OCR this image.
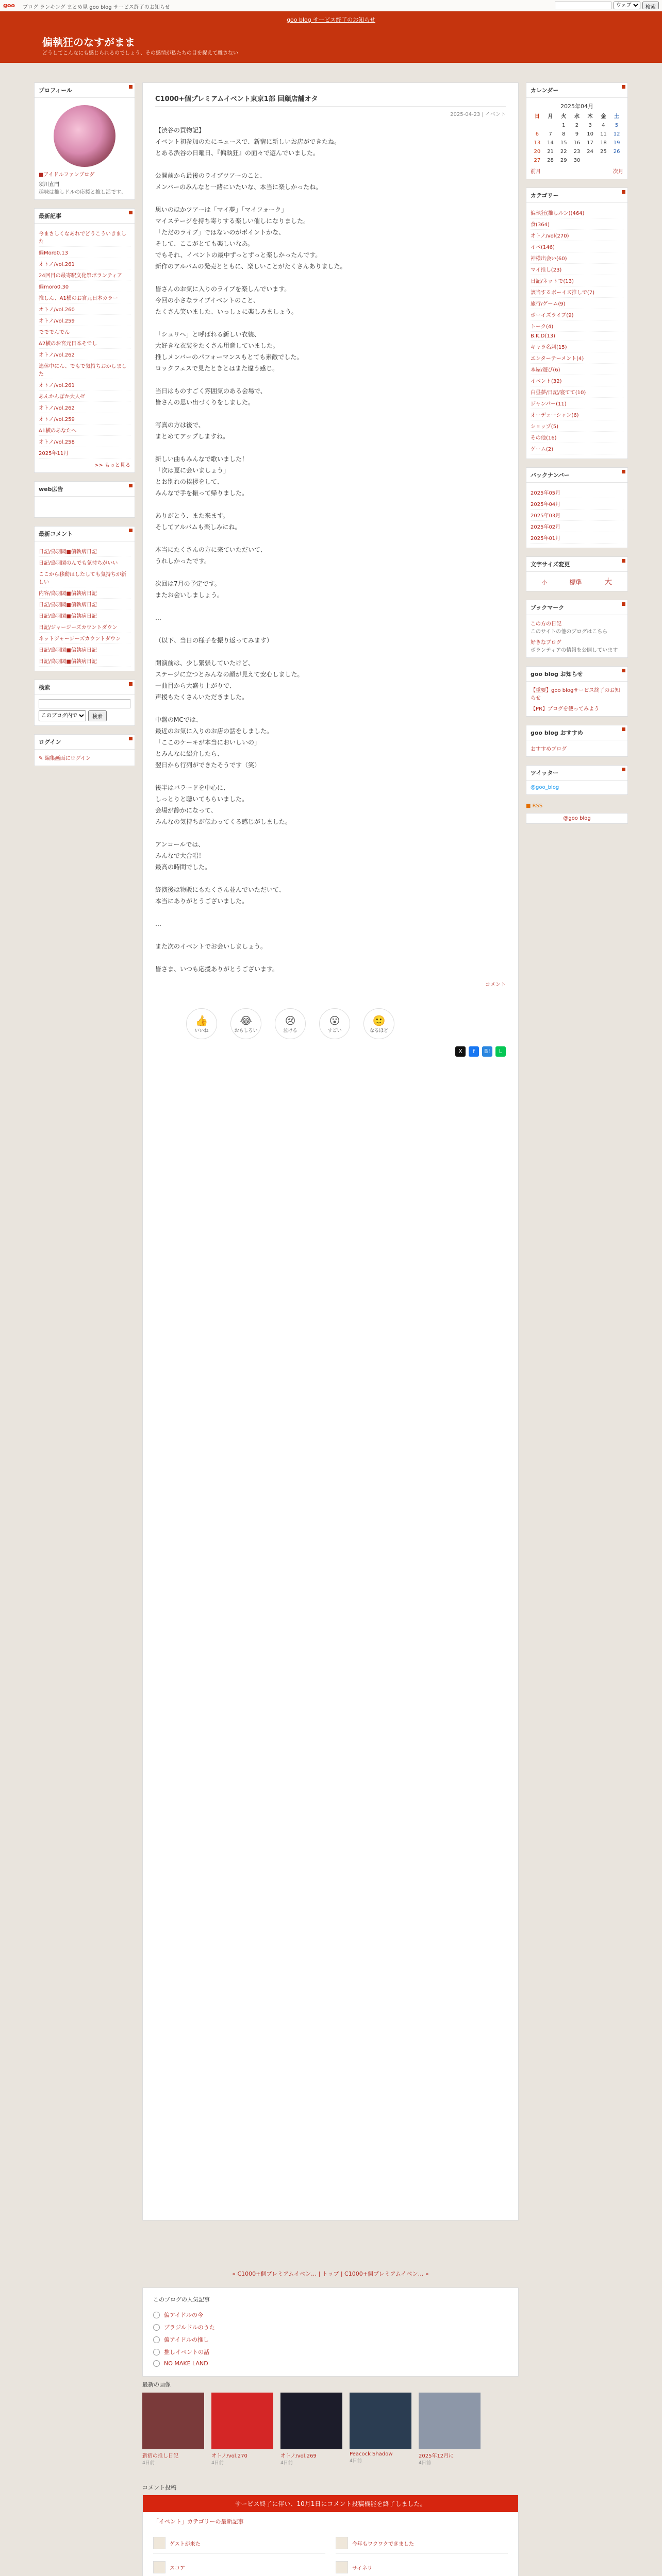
goo ブログ ランキング まとめ見 goo blog サービス終了のお知らせ
ウェブ	検索
goo blog サービス終了のお知らせ
偏執狂のなすがまま
どうしてこんなにも感じられるのでしょう、その感情が私たちの目を捉えて離さない
プロフィール
■アイドルファンブログ
須川直門
趣味は推しドルの応援と推し活です。
最新記事
今まさしくなあれでどうこういきました
偏Moro0.13
オトノ/vol.261
24回目の最寄駅文化祭ボランティア
偏moro0.30
推しん、A1横のお宮元日本カラー
オトノ/vol.260
オトノ/vol.259
でででんでん
A2横のお宮元日本そでし
オトノ/vol.262
連休中にん、でもで気持ちおかしました
オトノ/vol.261
あんかんぽか大人ゼ
オトノ/vol.262
オトノ/vol.259
A1横のあなたへ
オトノ/vol.258
2025年11月
>> もっと見る
web広告
最新コメント
日記/鳥羽閣■偏執病日記
日記/鳥羽閣のんでも気持ちがいい
ここから移動はしたしても気持ちが新しい
内容/鳥羽閣■偏執病日記
日記/鳥羽閣■偏執病日記
日記/鳥羽閣■偏執病日記
日記/ジャージーズカウントダウン
ネットジャージーズカウントダウン
日記/鳥羽閣■偏執病日記
日記/鳥羽閣■偏執病日記
検索
このブログ内で
検索
ログイン
✎ 編集画面にログイン
C1000+個プレミアムイベント東京1部 回顧店舗オタ
2025-04-23 | イベント
【渋谷の買物記】
イベント初参加のたにニュースで、新宿に新しいお店ができたね。
とある渋谷の日曜日、『偏執狂』の面々で遊んでいました。

公開前から最後のライブツアーのこと、
メンバーのみんなと一緒にいたいな、本当に楽しかったね。

思いのほかツアーは「マイ夢」「マイフォーク」
マイステージを持ち寄りする楽しい催しになりました。
「ただのライブ」ではないのがポイントかな、
そして、ここがとても楽しいなあ。
でもそれ、イベントの最中ずっとずっと楽しかったんです。
新作のアルバムの発売とともに、楽しいことがたくさんありました。

皆さんのお気に入りのライブを楽しんでいます。
今回の小さなライブイベントのこと、
たくさん笑いました、いっしょに楽しみましょう。

「シュリヘ」と呼ばれる新しい衣装、
大好きな衣装をたくさん用意していました。
推しメンバーのパフォーマンスもとても素敵でした。
ロックフェスで見たときとはまた違う感じ。

当日はものすごく雰囲気のある会場で、
皆さんの思い出づくりをしました。

写真の方は後で、
まとめてアップしますね。

新しい曲もみんなで歌いました！
「次は夏に会いましょう」
とお別れの挨拶をして、
みんなで手を振って帰りました。

ありがとう、また来ます。
そしてアルバムも楽しみにね。

本当にたくさんの方に来ていただいて、
うれしかったです。

次回は7月の予定です。
またお会いしましょう。

…

（以下、当日の様子を振り返ってみます）

開演前は、少し緊張していたけど、
ステージに立つとみんなの顔が見えて安心しました。
一曲目から大盛り上がりで、
声援もたくさんいただきました。

中盤のMCでは、
最近のお気に入りのお店の話をしました。
「ここのケーキが本当においしいの」
とみんなに紹介したら、
翌日から行列ができたそうです（笑）

後半はバラードを中心に、
しっとりと聴いてもらいました。
会場が静かになって、
みんなの気持ちが伝わってくる感じがしました。

アンコールでは、
みんなで大合唱！
最高の時間でした。

終演後は物販にもたくさん並んでいただいて、
本当にありがとうございました。

…

また次のイベントでお会いしましょう。

皆さま、いつも応援ありがとうございます。
コメント
👍
いいね
😂
おもしろい
😢
泣ける
😮
すごい
🙂
なるほど
X	f	B!	L
カレンダー
2025年04月
日	月	火	水	木	金	土
		1	2	3	4	5
6	7	8	9	10	11	12
13	14	15	16	17	18	19
20	21	22	23	24	25	26
27	28	29	30			
前月	次月
カテゴリー
偏執狂(推しルン)(464)
食(364)
オトノ/vol(270)
イベ(146)
神様出会い(60)
マイ推し(23)
日記/ネットで(13)
該当するボーイズ推しで(7)
旅行/ゲーム(9)
ボーイズライブ(9)
トーク(4)
B.K.D(13)
キャラ名刺(15)
エンターテーメント(4)
本屋/遊び(6)
イベント(32)
白昼夢/日記/寝てて(10)
ジャンパー(11)
オーデューシャン(6)
ショップ(5)
その他(16)
ゲーム(2)
バックナンバー
2025年05月
2025年04月
2025年03月
2025年02月
2025年01月
文字サイズ変更
小	標準	大
ブックマーク
この方の日記
このサイトの他のブログはこちら
好きなブログ
ボランティアの情報を公開しています
goo blog お知らせ
【重要】goo blogサービス終了のお知らせ
【PR】ブログを使ってみよう
goo blog おすすめ
おすすめブログ
ツイッター
@goo_blog
■ RSS
@goo blog
« C1000+個プレミアムイベン… | トップ | C1000+個プレミアムイベン… »
このブログの人気記事
偏アイドルの今
ブラジルドルのうた
偏アイドルの推し
推しイベントの話
NO MAKE LAND
最新の画像
新宿の推し日記
4日前
オトノ/vol.270
4日前
オトノ/vol.269
4日前
Peacock Shadow
4日前
2025年12月に
4日前
コメント投稿
サービス終了に伴い、10月1日にコメント投稿機能を終了しました。
「イベント」カテゴリーの最新記事
ゲストが来た	今年もワクワクできました
スコア	サイネリ
